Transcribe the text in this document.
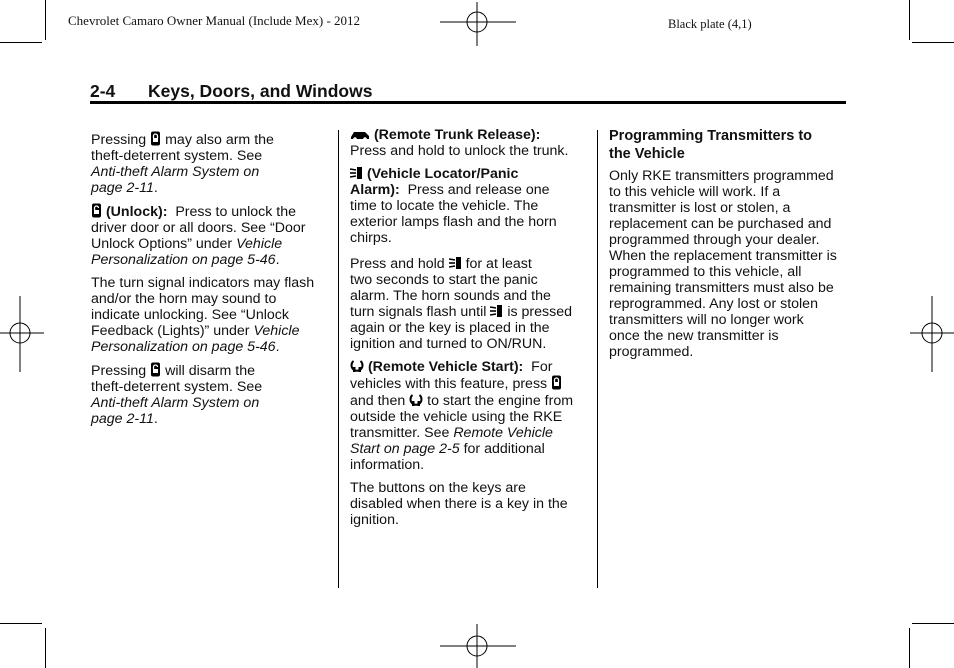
Chevrolet Camaro Owner Manual (Include Mex) - 2012	Black plate (4,1)
2-4 Keys, Doors, and Windows

Pressing may also arm the
theft-deterrent system. See
Anti-theft Alarm System on
page 2-11.

(Unlock): Press to unlock the
driver door or all doors. See “Door
Unlock Options” under Vehicle
Personalization on page 5-46.

The turn signal indicators may flash
and/or the horn may sound to
indicate unlocking. See “Unlock
Feedback (Lights)” under Vehicle
Personalization on page 5-46.

Pressing will disarm the
theft-deterrent system. See
Anti-theft Alarm System on
page 2-11.

(Remote Trunk Release):
Press and hold to unlock the trunk.

(Vehicle Locator/Panic
Alarm): Press and release one
time to locate the vehicle. The
exterior lamps flash and the horn
chirps.

Press and hold for at least
two seconds to start the panic
alarm. The horn sounds and the
turn signals flash until is pressed
again or the key is placed in the
ignition and turned to ON/RUN.

(Remote Vehicle Start): For
vehicles with this feature, press
and then to start the engine from
outside the vehicle using the RKE
transmitter. See Remote Vehicle
Start on page 2-5 for additional
information.

The buttons on the keys are
disabled when there is a key in the
ignition.

Programming Transmitters to
the Vehicle
Only RKE transmitters programmed
to this vehicle will work. If a
transmitter is lost or stolen, a
replacement can be purchased and
programmed through your dealer.
When the replacement transmitter is
programmed to this vehicle, all
remaining transmitters must also be
reprogrammed. Any lost or stolen
transmitters will no longer work
once the new transmitter is
programmed.
